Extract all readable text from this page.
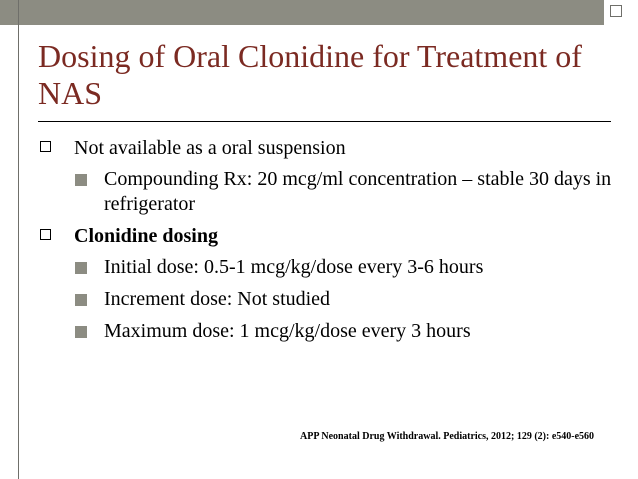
Dosing of Oral Clonidine for Treatment of NAS
Not available as a oral suspension
Compounding Rx: 20 mcg/ml concentration – stable 30 days in refrigerator
Clonidine dosing
Initial dose: 0.5-1 mcg/kg/dose every 3-6 hours
Increment dose: Not studied
Maximum dose: 1 mcg/kg/dose every 3 hours
APP Neonatal Drug Withdrawal. Pediatrics, 2012; 129 (2): e540-e560
